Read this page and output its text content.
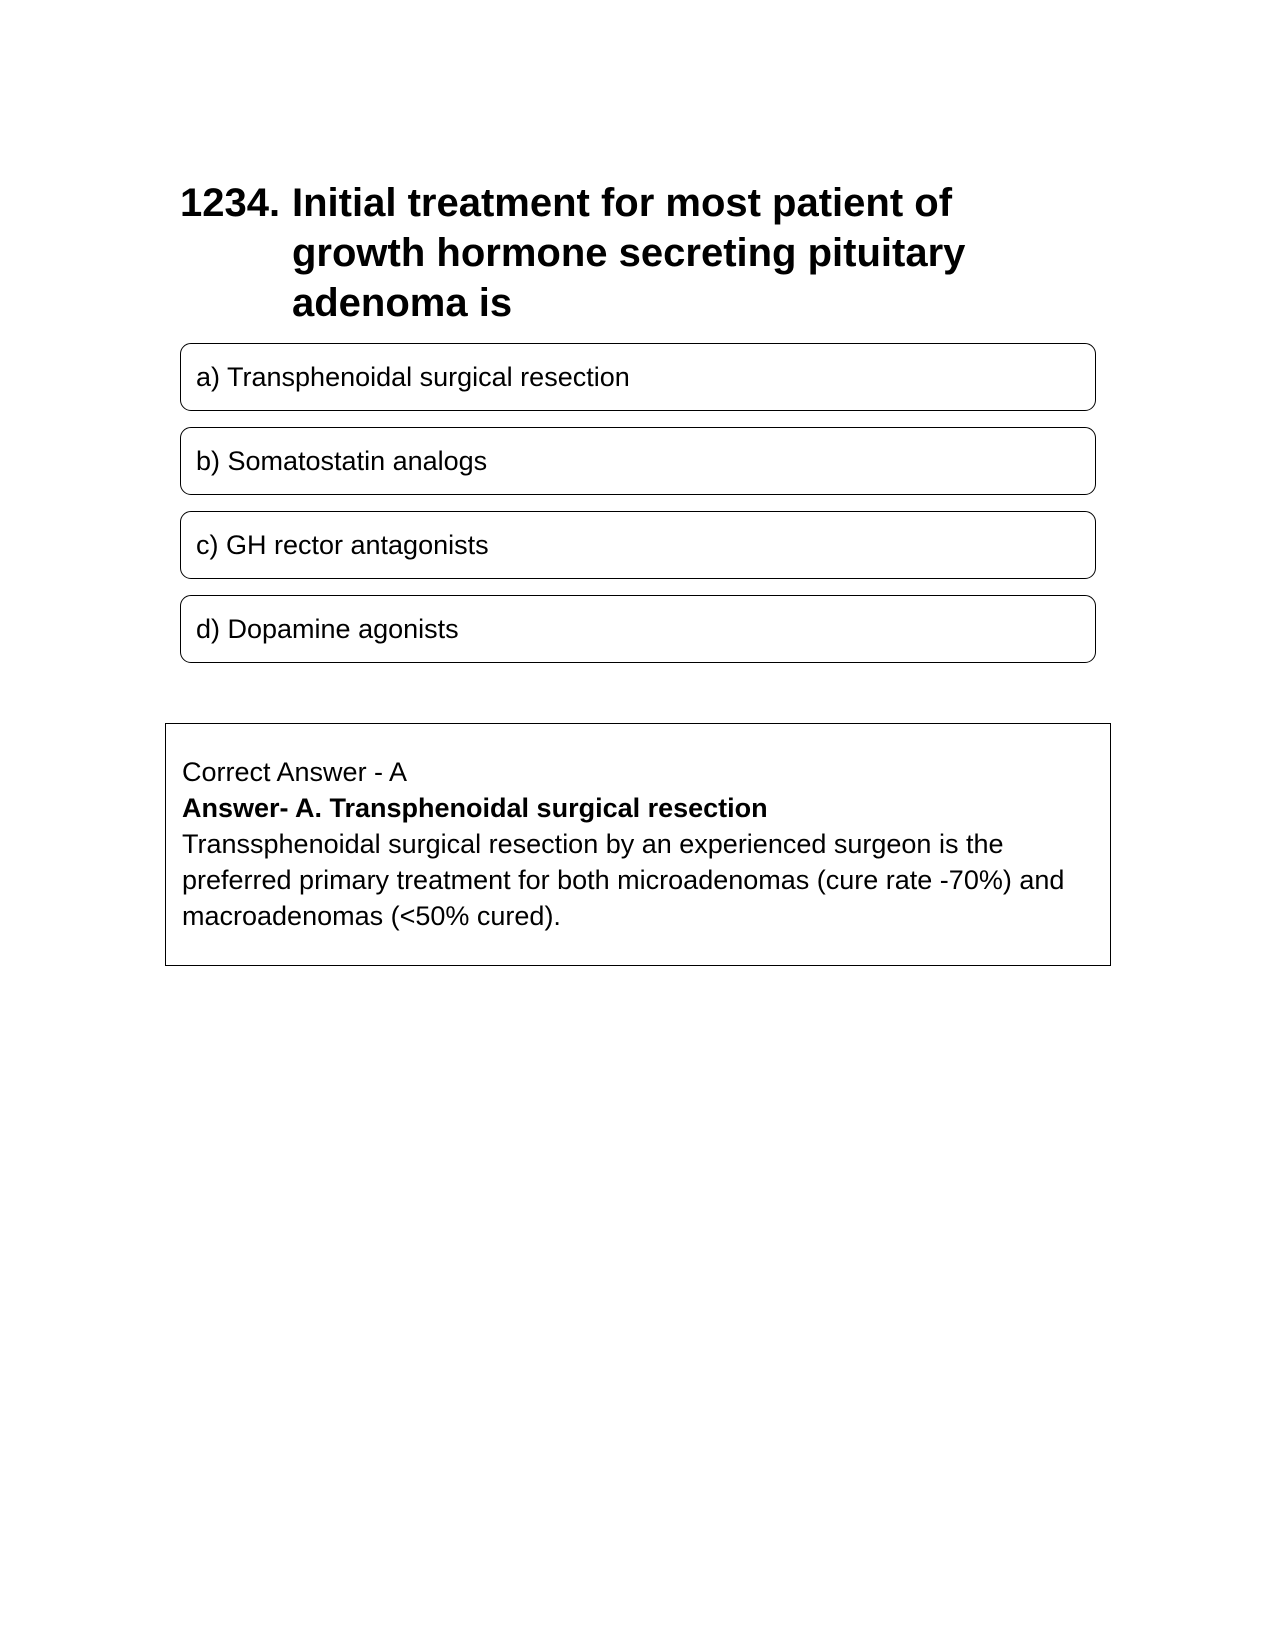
1234. Initial treatment for most patient of growth hormone secreting pituitary adenoma is
a) Transphenoidal surgical resection
b) Somatostatin analogs
c) GH rector antagonists
d) Dopamine agonists
Correct Answer - A
Answer- A. Transphenoidal surgical resection
Transsphenoidal surgical resection by an experienced surgeon is the preferred primary treatment for both microadenomas (cure rate -70%) and macroadenomas (<50% cured).
